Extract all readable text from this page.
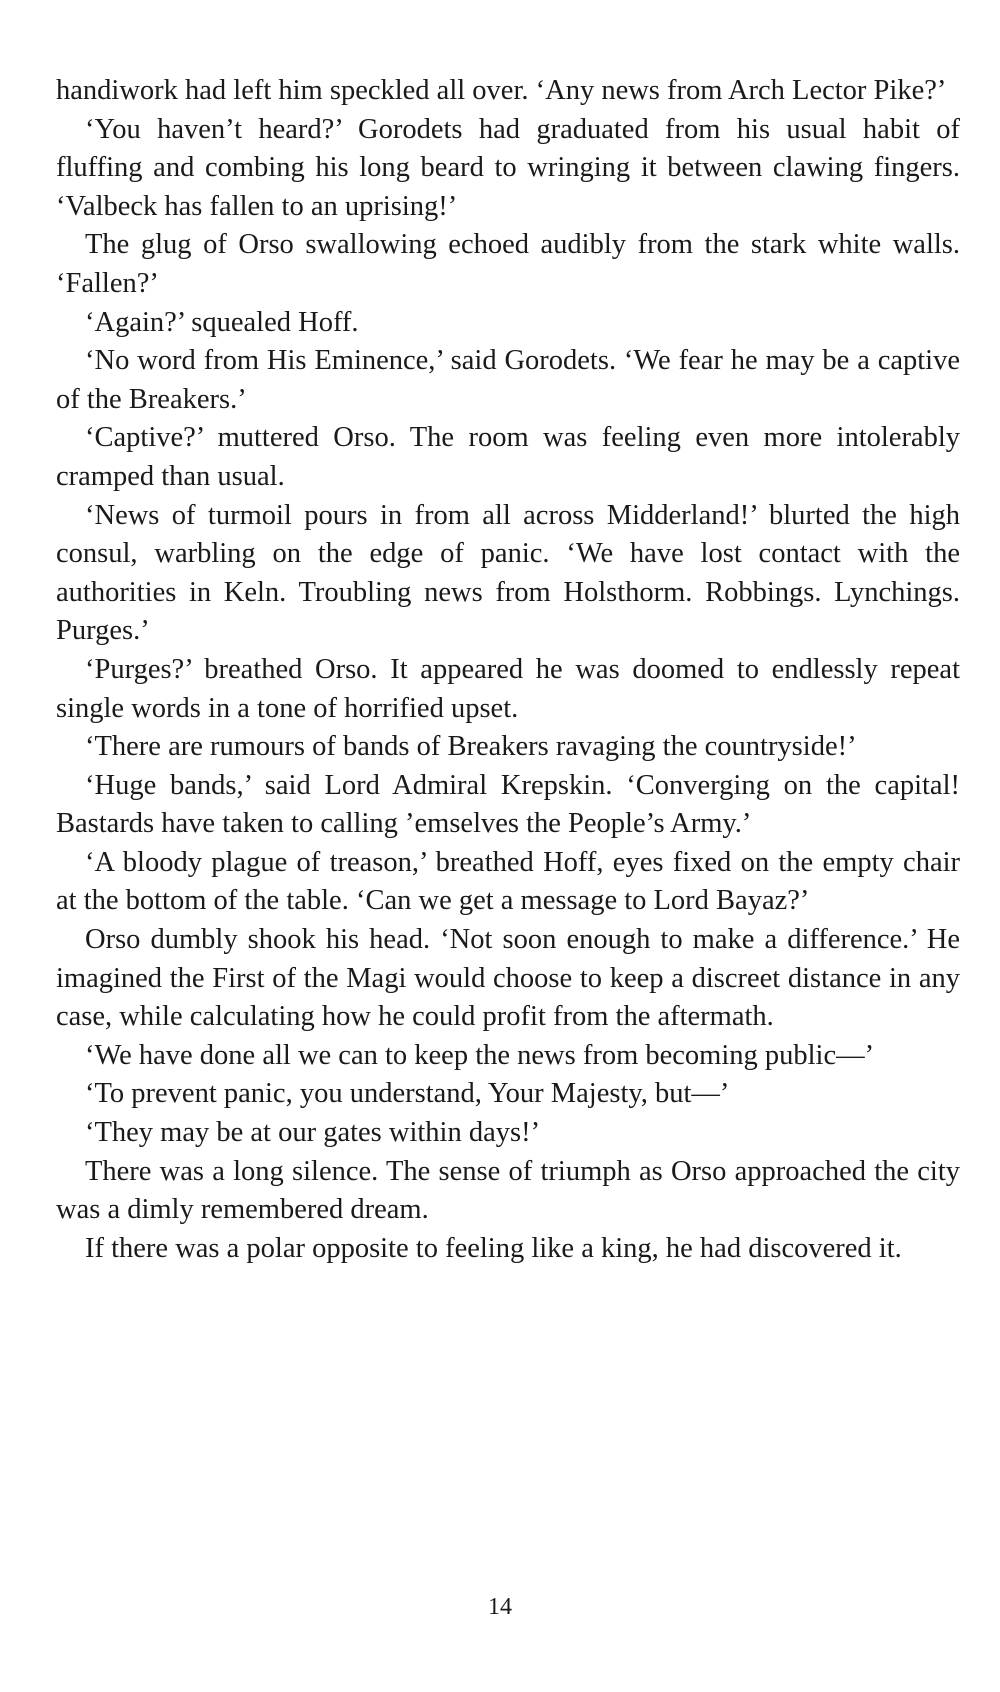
handiwork had left him speckled all over. ‘Any news from Arch Lector Pike?’

‘You haven’t heard?’ Gorodets had graduated from his usual habit of fluffing and combing his long beard to wringing it between clawing fingers. ‘Valbeck has fallen to an uprising!’

The glug of Orso swallowing echoed audibly from the stark white walls. ‘Fallen?’

‘Again?’ squealed Hoff.

‘No word from His Eminence,’ said Gorodets. ‘We fear he may be a captive of the Breakers.’

‘Captive?’ muttered Orso. The room was feeling even more intolerably cramped than usual.

‘News of turmoil pours in from all across Midderland!’ blurted the high consul, warbling on the edge of panic. ‘We have lost contact with the authorities in Keln. Troubling news from Holsthorm. Robbings. Lynchings. Purges.’

‘Purges?’ breathed Orso. It appeared he was doomed to endlessly repeat single words in a tone of horrified upset.

‘There are rumours of bands of Breakers ravaging the countryside!’

‘Huge bands,’ said Lord Admiral Krepskin. ‘Converging on the capital! Bastards have taken to calling ’emselves the People’s Army.’

‘A bloody plague of treason,’ breathed Hoff, eyes fixed on the empty chair at the bottom of the table. ‘Can we get a message to Lord Bayaz?’

Orso dumbly shook his head. ‘Not soon enough to make a difference.’ He imagined the First of the Magi would choose to keep a discreet distance in any case, while calculating how he could profit from the aftermath.

‘We have done all we can to keep the news from becoming public—’

‘To prevent panic, you understand, Your Majesty, but—’

‘They may be at our gates within days!’

There was a long silence. The sense of triumph as Orso approached the city was a dimly remembered dream.

If there was a polar opposite to feeling like a king, he had discovered it.

14
